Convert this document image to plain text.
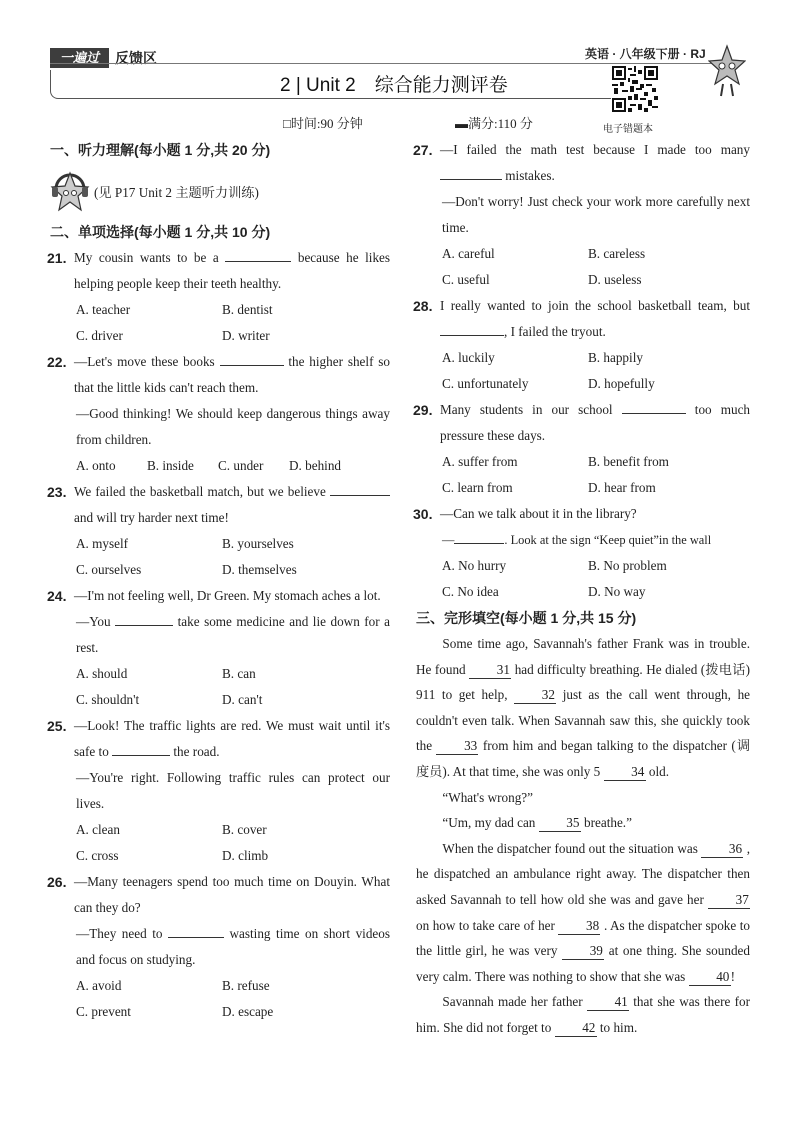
一遍过	反馈区	英语 · 八年级下册 · RJ
2 | Unit 2　综合能力测评卷
电子错题本
□时间:90 分钟	▬满分:110 分
一、听力理解(每小题 1 分,共 20 分)
(见 P17 Unit 2 主题听力训练)
二、单项选择(每小题 1 分,共 10 分)
21. My cousin wants to be a	because he likes helping people keep their teeth healthy.
A. teacher	B. dentist
C. driver	D. writer
22. —Let's move these books	the higher shelf so that the little kids can't reach them.
—Good thinking! We should keep dangerous things away from children.
A. onto	B. inside	C. under	D. behind
23. We failed the basketball match, but we believe  and will try harder next time!
A. myself	B. yourselves
C. ourselves	D. themselves
24. —I'm not feeling well, Dr Green. My stomach aches a lot.
—You	take some medicine and lie down for a rest.
A. should	B. can
C. shouldn't	D. can't
25. —Look! The traffic lights are red. We must wait until it's safe to	the road.
—You're right. Following traffic rules can protect our lives.
A. clean	B. cover
C. cross	D. climb
26. —Many teenagers spend too much time on Douyin. What can they do?
—They need to	wasting time on short videos and focus on studying.
A. avoid	B. refuse
C. prevent	D. escape
27. —I failed the math test because I made too many  mistakes.
—Don't worry! Just check your work more carefully next time.
A. careful	B. careless
C. useful	D. useless
28. I really wanted to join the school basketball team, but , I failed the tryout.
A. luckily	B. happily
C. unfortunately	D. hopefully
29. Many students in our school	too much pressure these days.
A. suffer from	B. benefit from
C. learn from	D. hear from
30. —Can we talk about it in the library?
—	. Look at the sign “Keep quiet”in the wall
A. No hurry	B. No problem
C. No idea	D. No way
三、完形填空(每小题 1 分,共 15 分)
Some time ago, Savannah's father Frank was in trouble. He found 31 had difficulty breathing. He dialed (拨电话) 911 to get help,	32 just as the call went through, he couldn't even talk. When Savannah saw this, she quickly took the 33 from him and began talking to the dispatcher (调度员). At that time, she was only 5 34 old.
“What's wrong?”
“Um, my dad can 35 breathe.”
When the dispatcher found out the situation was 36 , he dispatched an ambulance right away. The dispatcher then asked Savannah to tell how old she was and gave her 37 on how to take care of her 38 . As the dispatcher spoke to the little girl, he was very 39 at one thing. She sounded very calm. There was nothing to show that she was 40!
Savannah made her father 41 that she was there for him. She did not forget to 42 to him.
